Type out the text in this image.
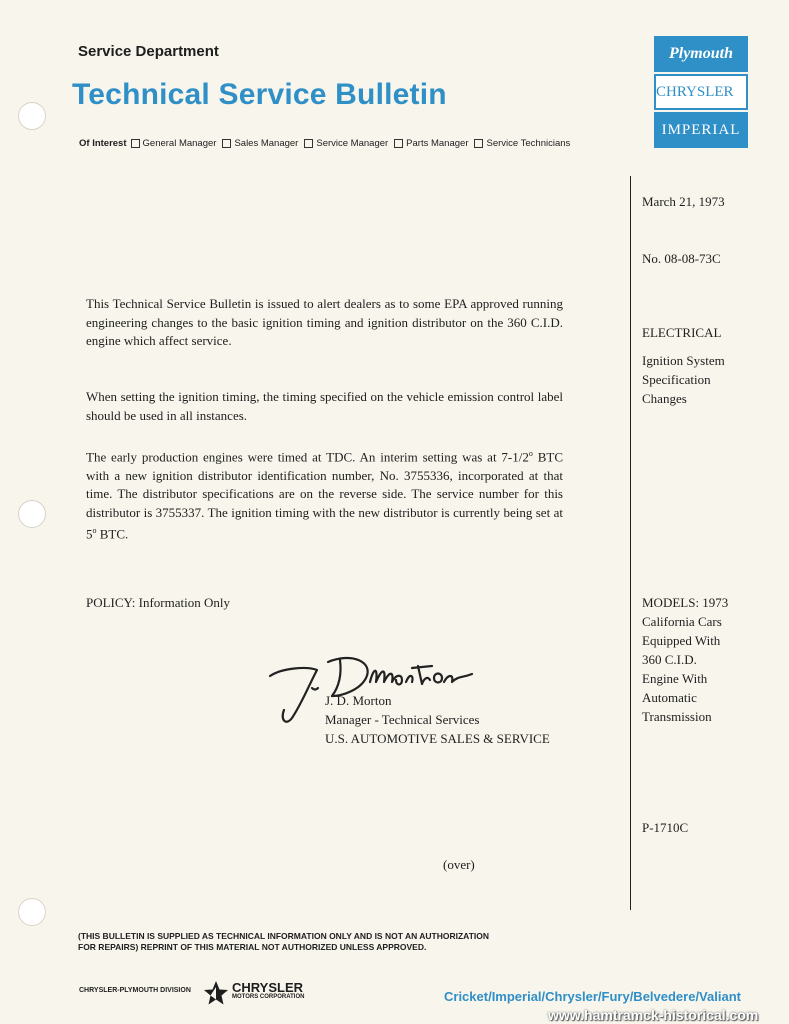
Service Department
Technical Service Bulletin
Of Interest General Manager Sales Manager Service Manager Parts Manager Service Technicians
Plymouth
CHRYSLER
IMPERIAL
March 21, 1973
No. 08-08-73C
ELECTRICAL
Ignition System
Specification
Changes
MODELS: 1973
California Cars
Equipped With
360 C.I.D.
Engine With
Automatic
Transmission
P-1710C
This Technical Service Bulletin is issued to alert dealers as to some EPA approved running engineering changes to the basic ignition timing and ignition distributor on the 360 C.I.D. engine which affect service.
When setting the ignition timing, the timing specified on the vehicle emission control label should be used in all instances.
The early production engines were timed at TDC. An interim setting was at 7-1/2$^o$ BTC with a new ignition distributor identification number, No. 3755336, incorporated at that time. The distributor specifications are on the reverse side. The service number for this distributor is 3755337. The ignition timing with the new distributor is currently being set at 5$^o$ BTC.
POLICY: Information Only
J. D. Morton
Manager - Technical Services
U.S. AUTOMOTIVE SALES & SERVICE
(over)
(THIS BULLETIN IS SUPPLIED AS TECHNICAL INFORMATION ONLY AND IS NOT AN AUTHORIZATION
FOR REPAIRS) REPRINT OF THIS MATERIAL NOT AUTHORIZED UNLESS APPROVED.
CHRYSLER-PLYMOUTH DIVISION	CHRYSLER
MOTORS CORPORATION	Cricket/Imperial/Chrysler/Fury/Belvedere/Valiant
www.hamtramck-historical.com
